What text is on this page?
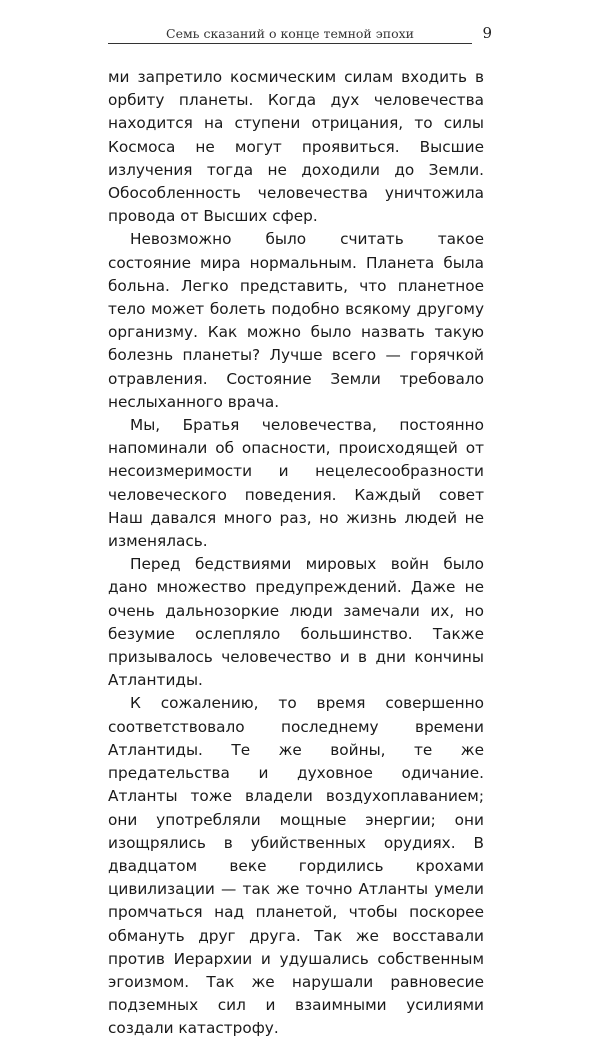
Семь сказаний о конце темной эпохи	9

ми запретило космическим силам входить в орбиту планеты. Когда дух человечества находится на ступени отрицания, то силы Космоса не могут проявиться. Высшие излучения тогда не доходили до Земли. Обособленность человечества уничтожила провода от Высших сфер.

Невозможно было считать такое состояние мира нормальным. Планета была больна. Легко представить, что планетное тело может болеть подобно всякому другому организму. Как можно было назвать такую болезнь планеты? Лучше всего — горячкой отравления. Состояние Земли требовало неслыханного врача.

Мы, Братья человечества, постоянно напоминали об опасности, происходящей от несоизмеримости и нецелесообразности человеческого поведения. Каждый совет Наш давался много раз, но жизнь людей не изменялась.

Перед бедствиями мировых войн было дано множество предупреждений. Даже не очень дальнозоркие люди замечали их, но безумие ослепляло большинство. Также призывалось человечество и в дни кончины Атлантиды.

К сожалению, то время совершенно соответствовало последнему времени Атлантиды. Те же войны, те же предательства и духовное одичание. Атланты тоже владели воздухоплаванием; они употребляли мощные энергии; они изощрялись в убийственных орудиях. В двадцатом веке гордились крохами цивилизации — так же точно Атланты умели промчаться над планетой, чтобы поскорее обмануть друг друга. Так же восставали против Иерархии и удушались собственным эгоизмом. Так же нарушали равновесие подземных сил и взаимными усилиями создали катастрофу.
